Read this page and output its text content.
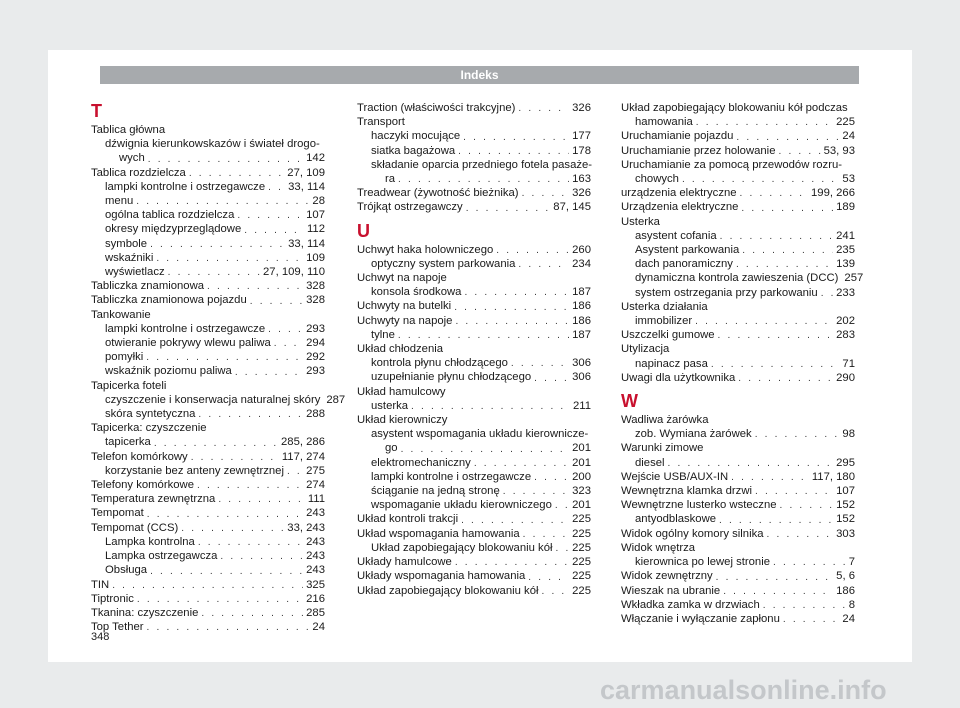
Indeks
T
Tablica główna
dźwignia kierunkowskazów i świateł drogo-
wych . . .	142
Tablica rozdzielcza . . .	27, 109
lampki kontrolne i ostrzegawcze . . . 33, 114
menu . . .	28
ogólna tablica rozdzielcza . . .	107
okresy międzyprzeglądowe . . .	112
symbole . . .	33, 114
wskaźniki . . .	109
wyświetlacz . . .	27, 109, 110
Tabliczka znamionowa . . .	328
Tabliczka znamionowa pojazdu . . .	328
Tankowanie
lampki kontrolne i ostrzegawcze . . .	293
otwieranie pokrywy wlewu paliwa . . .	294
pomyłki . . .	292
wskaźnik poziomu paliwa . . .	293
Tapicerka foteli
czyszczenie i konserwacja naturalnej skóry 287
skóra syntetyczna . . .	288
Tapicerka: czyszczenie
tapicerka . . .	285, 286
Telefon komórkowy . . .	117, 274
korzystanie bez anteny zewnętrznej . . . 275
Telefony komórkowe . . .	274
Temperatura zewnętrzna . . .	111
Tempomat . . .	243
Tempomat (CCS) . . .	33, 243
Lampka kontrolna . . .	243
Lampka ostrzegawcza . . .	243
Obsługa . . .	243
TIN . . .	325
Tiptronic . . .	216
Tkanina: czyszczenie . . .	285
Top Tether . . .	24
Traction (właściwości trakcyjne) . . .	326
Transport
haczyki mocujące . . .	177
siatka bagażowa . . .	178
składanie oparcia przedniego fotela pasaże-
ra . . .	163
Treadwear (żywotność bieżnika) . . .	326
Trójkąt ostrzegawczy . . .	87, 145
U
Uchwyt haka holowniczego . . .	260
optyczny system parkowania . . .	234
Uchwyt na napoje
konsola środkowa . . .	187
Uchwyty na butelki . . .	186
Uchwyty na napoje . . .	186
tylne . . .	187
Układ chłodzenia
kontrola płynu chłodzącego . . .	306
uzupełnianie płynu chłodzącego . . .	306
Układ hamulcowy
usterka . . .	211
Układ kierowniczy
asystent wspomagania układu kierownicze-
go . . .	201
elektromechaniczny . . .	201
lampki kontrolne i ostrzegawcze . . .	200
ściąganie na jedną stronę . . .	323
wspomaganie układu kierowniczego . . . 201
Układ kontroli trakcji . . .	225
Układ wspomagania hamowania . . .	225
Układ zapobiegający blokowaniu kół . . . 225
Układy hamulcowe . . .	225
Układy wspomagania hamowania . . .	225
Układ zapobiegający blokowaniu kół . . .	225
Układ zapobiegający blokowaniu kół podczas
hamowania . . .	225
Uruchamianie pojazdu . . .	24
Uruchamianie przez holowanie . . .	53, 93
Uruchamianie za pomocą przewodów rozru-
chowych . . .	53
urządzenia elektryczne . . .	199, 266
Urządzenia elektryczne . . .	189
Usterka
asystent cofania . . .	241
Asystent parkowania . . .	235
dach panoramiczny . . .	139
dynamiczna kontrola zawieszenia (DCC) 257
system ostrzegania przy parkowaniu . . . 233
Usterka działania
immobilizer . . .	202
Uszczelki gumowe . . .	283
Utylizacja
napinacz pasa . . .	71
Uwagi dla użytkownika . . .	290
W
Wadliwa żarówka
zob. Wymiana żarówek . . .	98
Warunki zimowe
diesel . . .	295
Wejście USB/AUX-IN . . .	117, 180
Wewnętrzna klamka drzwi . . .	107
Wewnętrzne lusterko wsteczne . . .	152
antyodblaskowe . . .	152
Widok ogólny komory silnika . . .	303
Widok wnętrza
kierownica po lewej stronie . . .	7
Widok zewnętrzny . . .	5, 6
Wieszak na ubranie . . .	186
Wkładka zamka w drzwiach . . .	8
Włączanie i wyłączanie zapłonu . . .	24
348
carmanualsonline.info
